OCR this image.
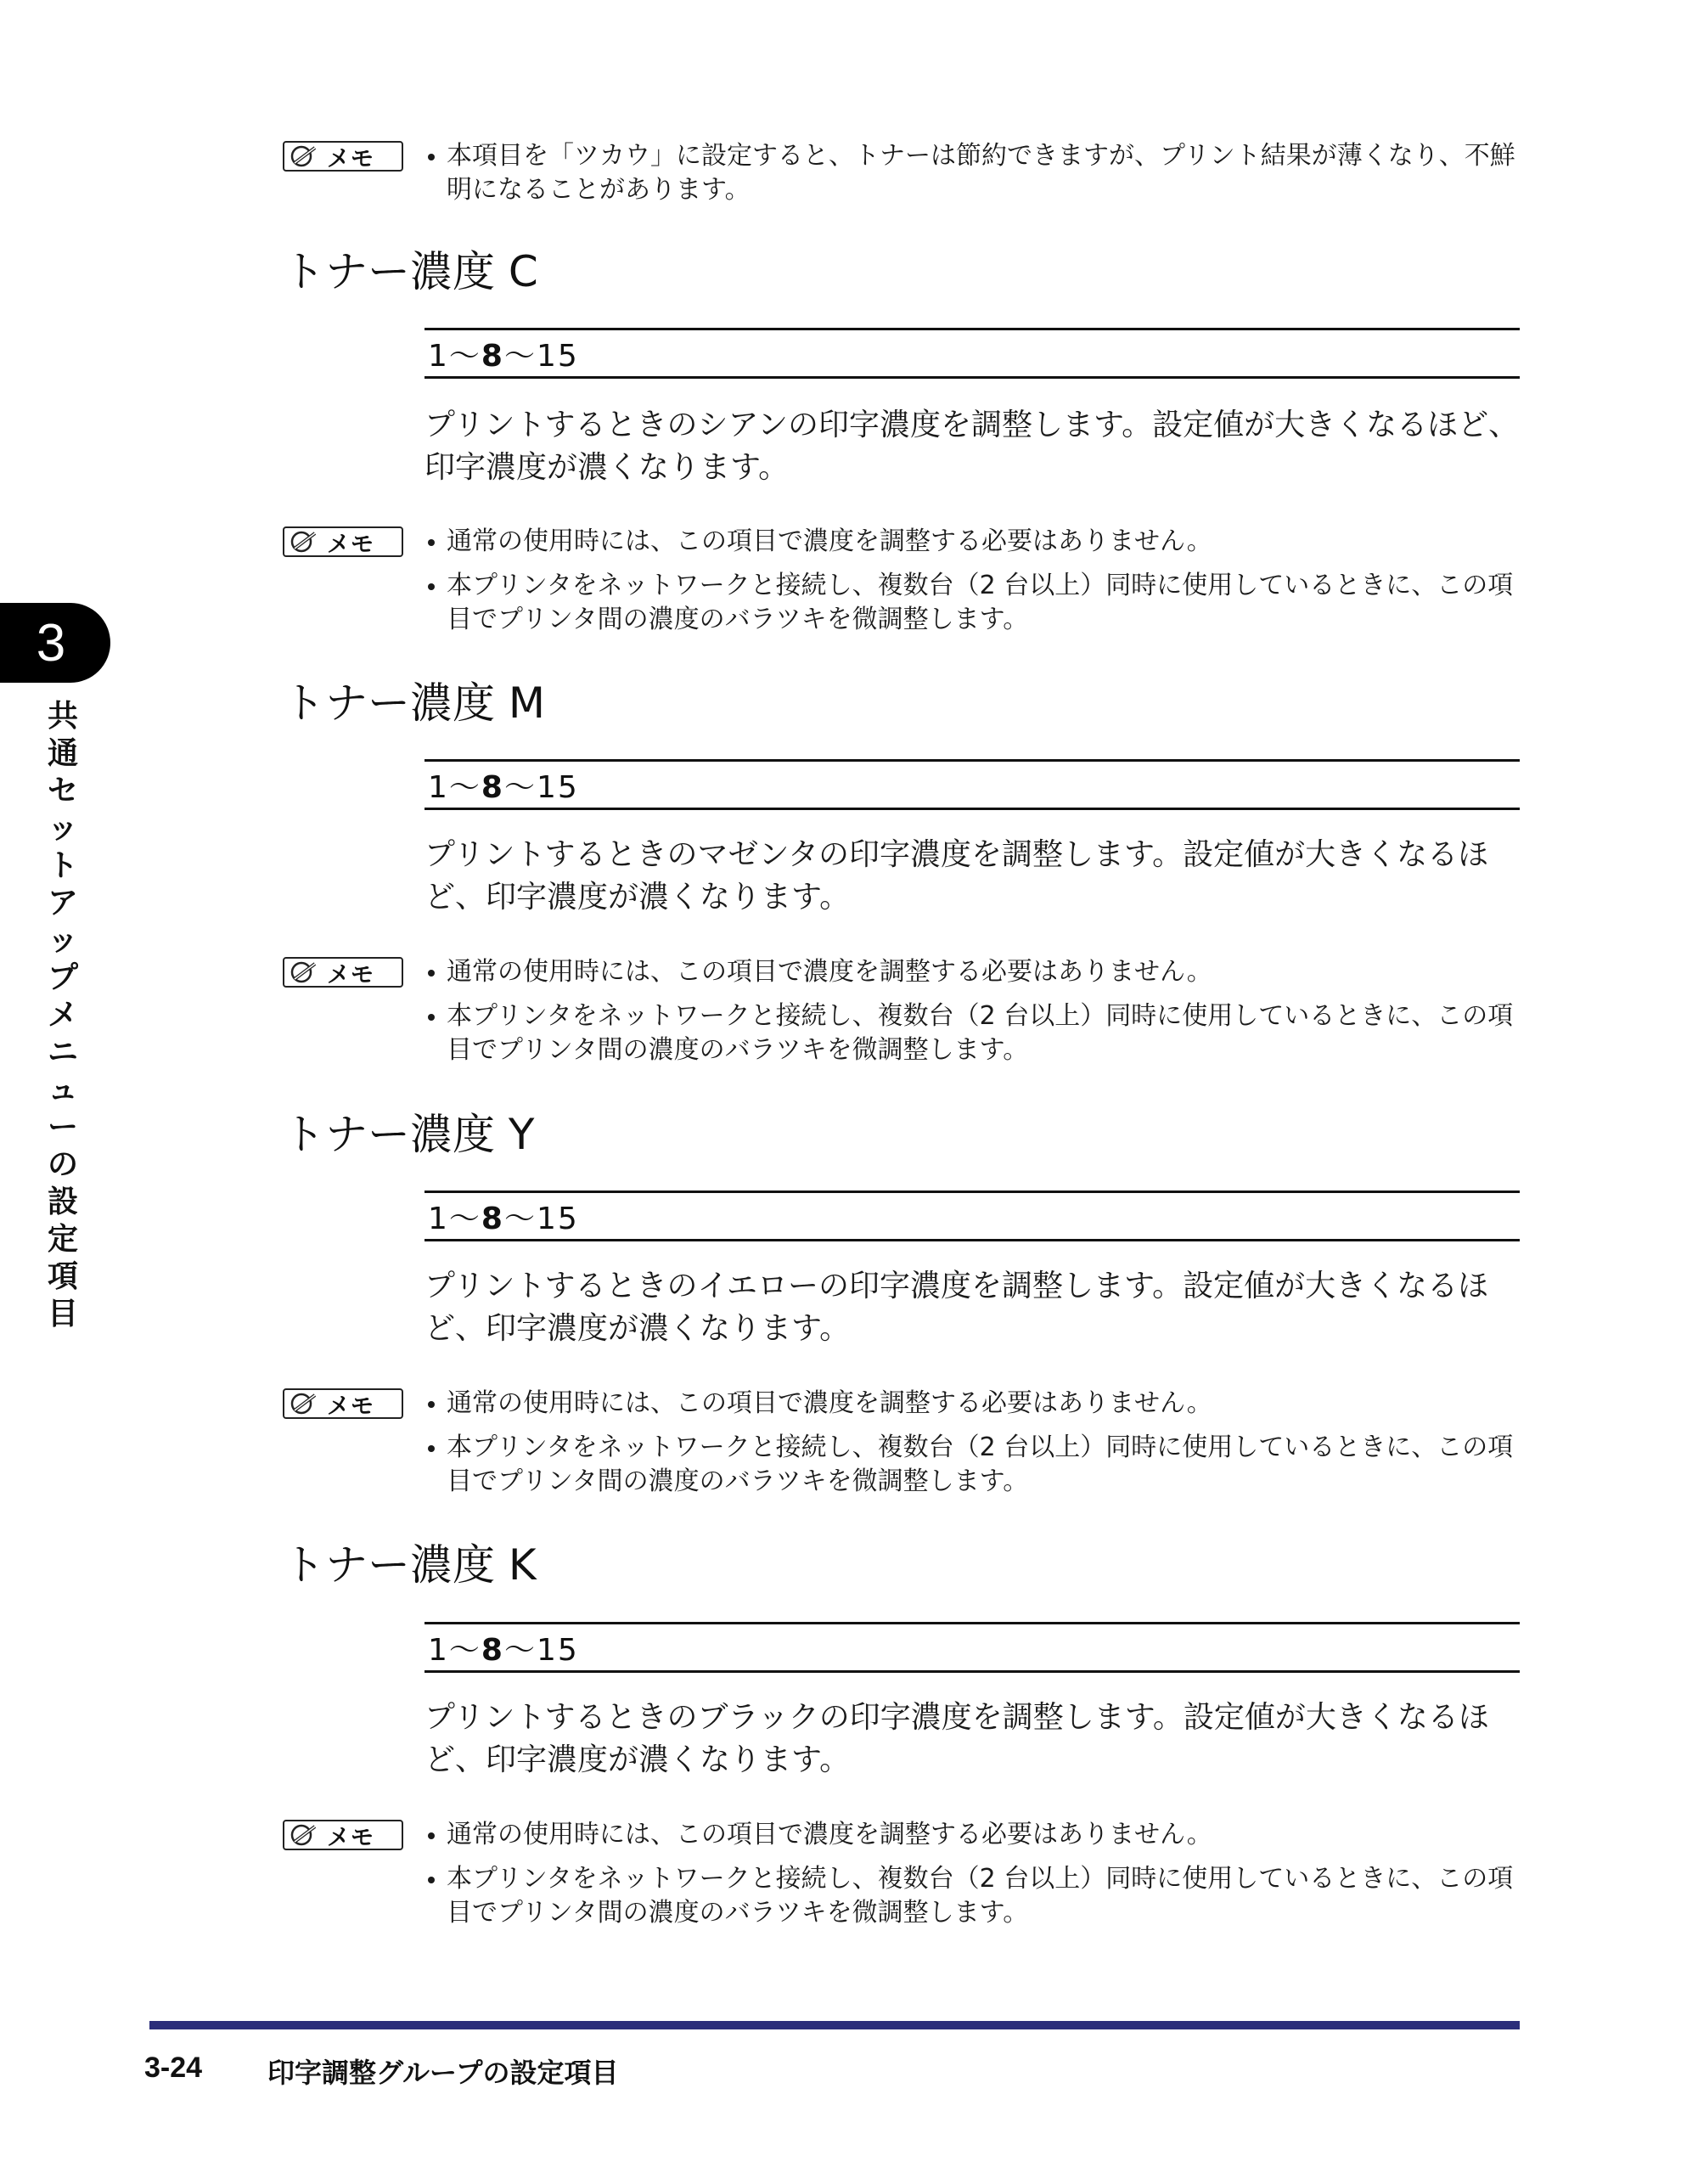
メモ	本項目を「ツカウ」に設定すると、トナーは節約できますが、プリント結果が薄くなり、不鮮明になることがあります。
トナー濃度 C
1～8～15

プリントするときのシアンの印字濃度を調整します。設定値が大きくなるほど、印字濃度が濃くなります。

メモ	通常の使用時には、この項目で濃度を調整する必要はありません。
本プリンタをネットワークと接続し、複数台（2 台以上）同時に使用しているときに、この項目でプリンタ間の濃度のバラツキを微調整します。
トナー濃度 M
1～8～15

プリントするときのマゼンタの印字濃度を調整します。設定値が大きくなるほど、印字濃度が濃くなります。

メモ	通常の使用時には、この項目で濃度を調整する必要はありません。
本プリンタをネットワークと接続し、複数台（2 台以上）同時に使用しているときに、この項目でプリンタ間の濃度のバラツキを微調整します。
トナー濃度 Y
1～8～15

プリントするときのイエローの印字濃度を調整します。設定値が大きくなるほど、印字濃度が濃くなります。

メモ	通常の使用時には、この項目で濃度を調整する必要はありません。
本プリンタをネットワークと接続し、複数台（2 台以上）同時に使用しているときに、この項目でプリンタ間の濃度のバラツキを微調整します。
トナー濃度 K
1～8～15

プリントするときのブラックの印字濃度を調整します。設定値が大きくなるほど、印字濃度が濃くなります。

メモ	通常の使用時には、この項目で濃度を調整する必要はありません。
本プリンタをネットワークと接続し、複数台（2 台以上）同時に使用しているときに、この項目でプリンタ間の濃度のバラツキを微調整します。
3
共通セットアップメニューの設定項目
3-24 印字調整グループの設定項目
